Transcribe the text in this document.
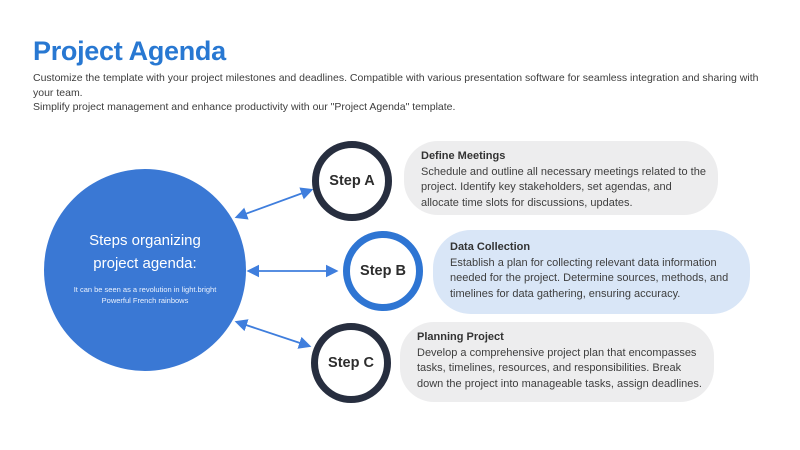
Project Agenda
Customize the template with your project milestones and deadlines. Compatible with various presentation software for seamless integration and sharing with your team.
Simplify project management and enhance productivity with our "Project Agenda" template.
Steps organizing
project agenda:
It can be seen as a revolution in light.bright
Powerful French rainbows
Step A
Step B
Step C
Define Meetings
Schedule and outline all necessary meetings related to the project. Identify key stakeholders, set agendas, and allocate time slots for discussions, updates.
Data Collection
Establish a plan for collecting relevant data information needed for the project. Determine sources, methods, and timelines for data gathering, ensuring accuracy.
Planning Project
Develop a comprehensive project plan that encompasses tasks, timelines, resources, and responsibilities. Break down the project into manageable tasks, assign deadlines.
